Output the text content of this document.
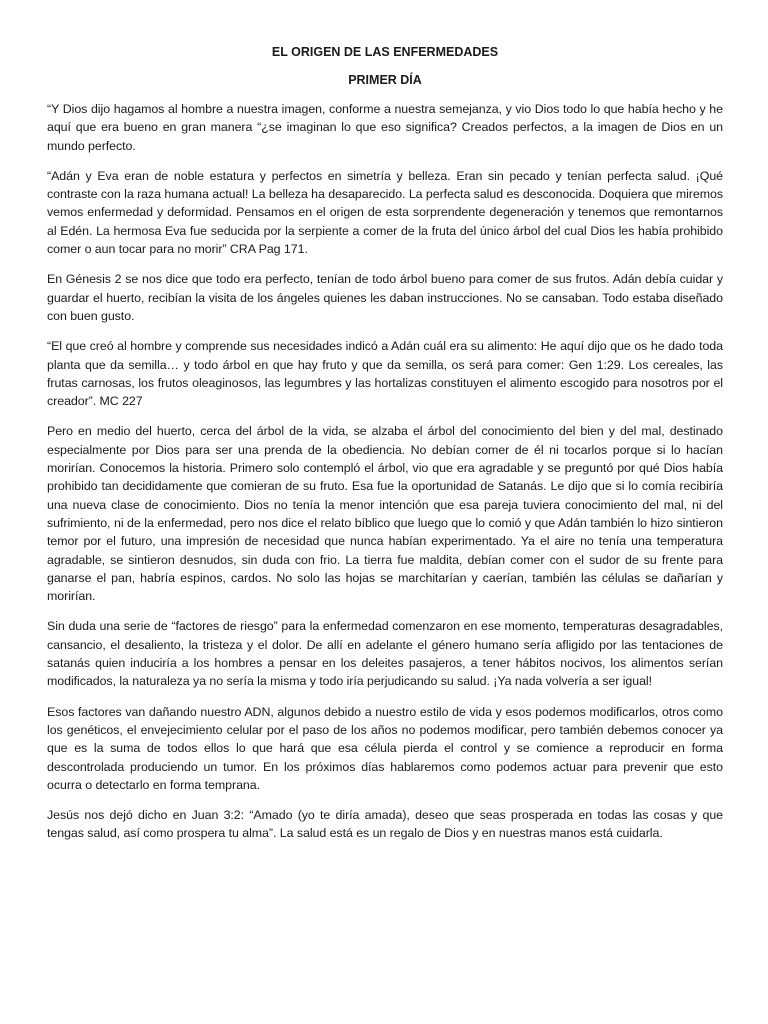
EL ORIGEN DE LAS ENFERMEDADES

PRIMER DÍA

“Y Dios dijo hagamos al hombre a nuestra imagen, conforme a nuestra semejanza, y vio Dios todo lo que había hecho y he aquí que era bueno en gran manera “¿se imaginan lo que eso significa? Creados perfectos, a la imagen de Dios en un mundo perfecto.

“Adán y Eva eran de noble estatura y perfectos en simetría y belleza. Eran sin pecado y tenían perfecta salud. ¡Qué contraste con la raza humana actual! La belleza ha desaparecido. La perfecta salud es desconocida. Doquiera que miremos vemos enfermedad y deformidad. Pensamos en el origen de esta sorprendente degeneración y tenemos que remontarnos al Edén. La hermosa Eva fue seducida por la serpiente a comer de la fruta del único árbol del cual Dios les había prohibido comer o aun tocar para no morir” CRA Pag 171.

En Génesis 2 se nos dice que todo era perfecto, tenían de todo árbol bueno para comer de sus frutos. Adán debía cuidar y guardar el huerto, recibían la visita de los ángeles quienes les daban instrucciones. No se cansaban. Todo estaba diseñado con buen gusto.

“El que creó al hombre y comprende sus necesidades indicó a Adán cuál era su alimento: He aquí dijo que os he dado toda planta que da semilla… y todo árbol en que hay fruto y que da semilla, os será para comer: Gen 1:29. Los cereales, las frutas carnosas, los frutos oleaginosos, las legumbres y las hortalizas constituyen el alimento escogido para nosotros por el creador”. MC 227

Pero en medio del huerto, cerca del árbol de la vida, se alzaba el árbol del conocimiento del bien y del mal, destinado especialmente por Dios para ser una prenda de la obediencia. No debían comer de él ni tocarlos porque si lo hacían morirían. Conocemos la historia. Primero solo contempló el árbol, vio que era agradable y se preguntó por qué Dios había prohibido tan decididamente que comieran de su fruto. Esa fue la oportunidad de Satanás. Le dijo que si lo comía recibiría una nueva clase de conocimiento. Dios no tenía la menor intención que esa pareja tuviera conocimiento del mal, ni del sufrimiento, ni de la enfermedad, pero nos dice el relato bíblico que luego que lo comió y que Adán también lo hizo sintieron temor por el futuro, una impresión de necesidad que nunca habían experimentado. Ya el aire no tenía una temperatura agradable, se sintieron desnudos, sin duda con frio. La tierra fue maldita, debían comer con el sudor de su frente para ganarse el pan, habría espinos, cardos. No solo las hojas se marchitarían y caerían, también las células se dañarían y morirían.

Sin duda una serie de “factores de riesgo” para la enfermedad comenzaron en ese momento, temperaturas desagradables, cansancio, el desaliento, la tristeza y el dolor. De allí en adelante el género humano sería afligido por las tentaciones de satanás quien induciría a los hombres a pensar en los deleites pasajeros, a tener hábitos nocivos, los alimentos serían modificados, la naturaleza ya no sería la misma y todo iría perjudicando su salud. ¡Ya nada volvería a ser igual!

Esos factores van dañando nuestro ADN, algunos debido a nuestro estilo de vida y esos podemos modificarlos, otros como los genéticos, el envejecimiento celular por el paso de los años no podemos modificar, pero también debemos conocer ya que es la suma de todos ellos lo que hará que esa célula pierda el control y se comience a reproducir en forma descontrolada produciendo un tumor. En los próximos días hablaremos como podemos actuar para prevenir que esto ocurra o detectarlo en forma temprana.

Jesús nos dejó dicho en Juan 3:2: “Amado (yo te diría amada), deseo que seas prosperada en todas las cosas y que tengas salud, así como prospera tu alma”. La salud está es un regalo de Dios y en nuestras manos está cuidarla.
